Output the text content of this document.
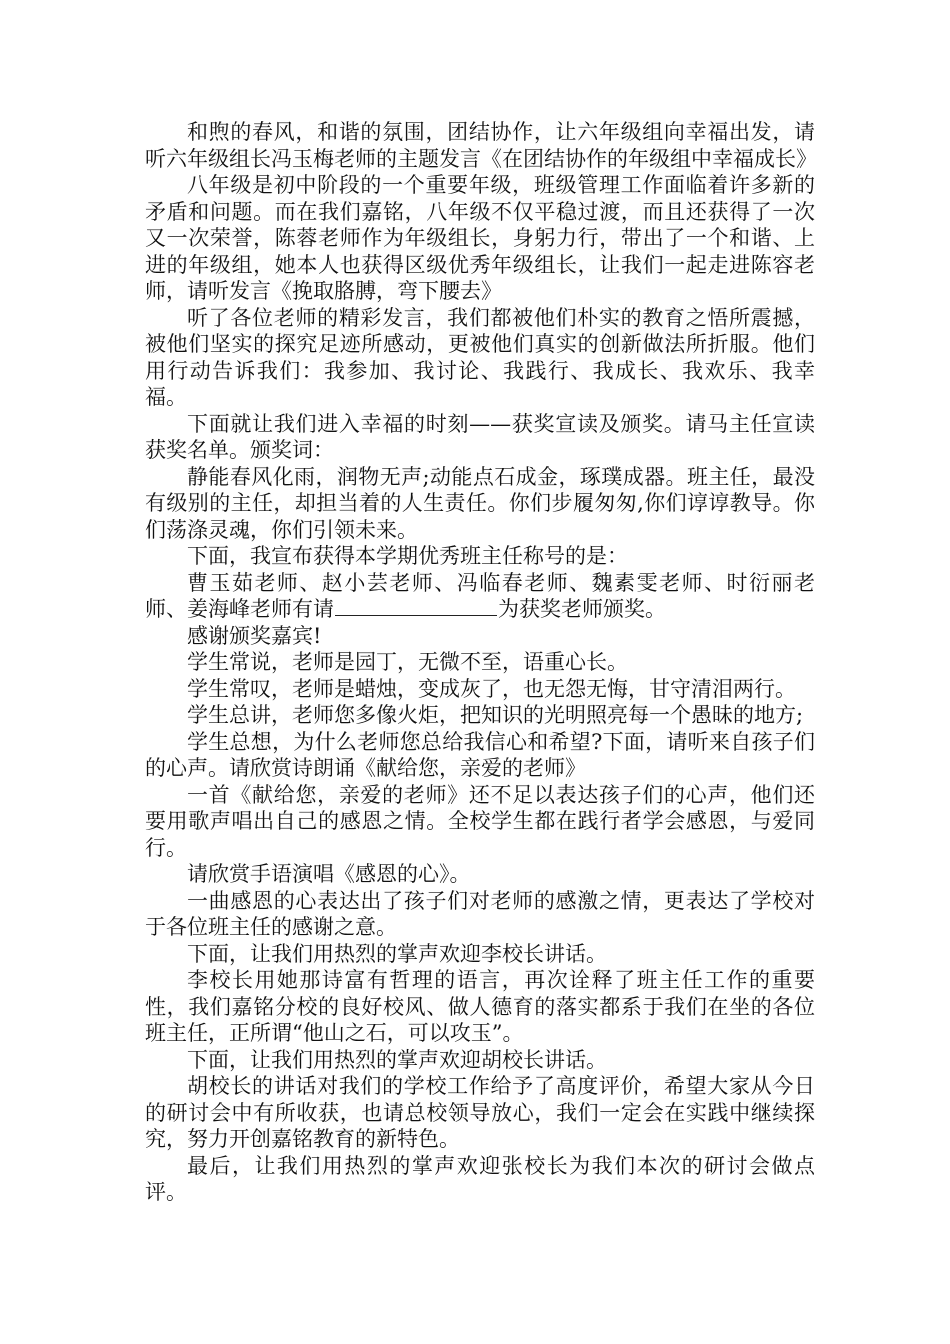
和煦的春风，和谐的氛围，团结协作，让六年级组向幸福出发，请听六年级组长冯玉梅老师的主题发言《在团结协作的年级组中幸福成长》

八年级是初中阶段的一个重要年级，班级管理工作面临着许多新的矛盾和问题。而在我们嘉铭，八年级不仅平稳过渡，而且还获得了一次又一次荣誉，陈蓉老师作为年级组长，身躬力行，带出了一个和谐、上进的年级组，她本人也获得区级优秀年级组长，让我们一起走进陈容老师，请听发言《挽取胳膊，弯下腰去》

听了各位老师的精彩发言，我们都被他们朴实的教育之悟所震撼，被他们坚实的探究足迹所感动，更被他们真实的创新做法所折服。他们用行动告诉我们：我参加、我讨论、我践行、我成长、我欢乐、我幸福。

下面就让我们进入幸福的时刻——获奖宣读及颁奖。请马主任宣读获奖名单。颁奖词：

静能春风化雨，润物无声;动能点石成金，琢璞成器。班主任，最没有级别的主任，却担当着的人生责任。你们步履匆匆,你们谆谆教导。你们荡涤灵魂，你们引领未来。

下面，我宣布获得本学期优秀班主任称号的是：

曹玉茹老师、赵小芸老师、冯临春老师、魏素雯老师、时衍丽老师、姜海峰老师有请	为获奖老师颁奖。

感谢颁奖嘉宾!

学生常说，老师是园丁，无微不至，语重心长。

学生常叹，老师是蜡烛，变成灰了，也无怨无悔，甘守清泪两行。

学生总讲，老师您多像火炬，把知识的光明照亮每一个愚昧的地方;

学生总想，为什么老师您总给我信心和希望?下面，请听来自孩子们的心声。请欣赏诗朗诵《献给您，亲爱的老师》

一首《献给您，亲爱的老师》还不足以表达孩子们的心声，他们还要用歌声唱出自己的感恩之情。全校学生都在践行者学会感恩，与爱同行。

请欣赏手语演唱《感恩的心》。

一曲感恩的心表达出了孩子们对老师的感激之情，更表达了学校对于各位班主任的感谢之意。

下面，让我们用热烈的掌声欢迎李校长讲话。

李校长用她那诗富有哲理的语言，再次诠释了班主任工作的重要性，我们嘉铭分校的良好校风、做人德育的落实都系于我们在坐的各位班主任，正所谓“他山之石，可以攻玉”。

下面，让我们用热烈的掌声欢迎胡校长讲话。

胡校长的讲话对我们的学校工作给予了高度评价，希望大家从今日的研讨会中有所收获，也请总校领导放心，我们一定会在实践中继续探究，努力开创嘉铭教育的新特色。

最后，让我们用热烈的掌声欢迎张校长为我们本次的研讨会做点评。
